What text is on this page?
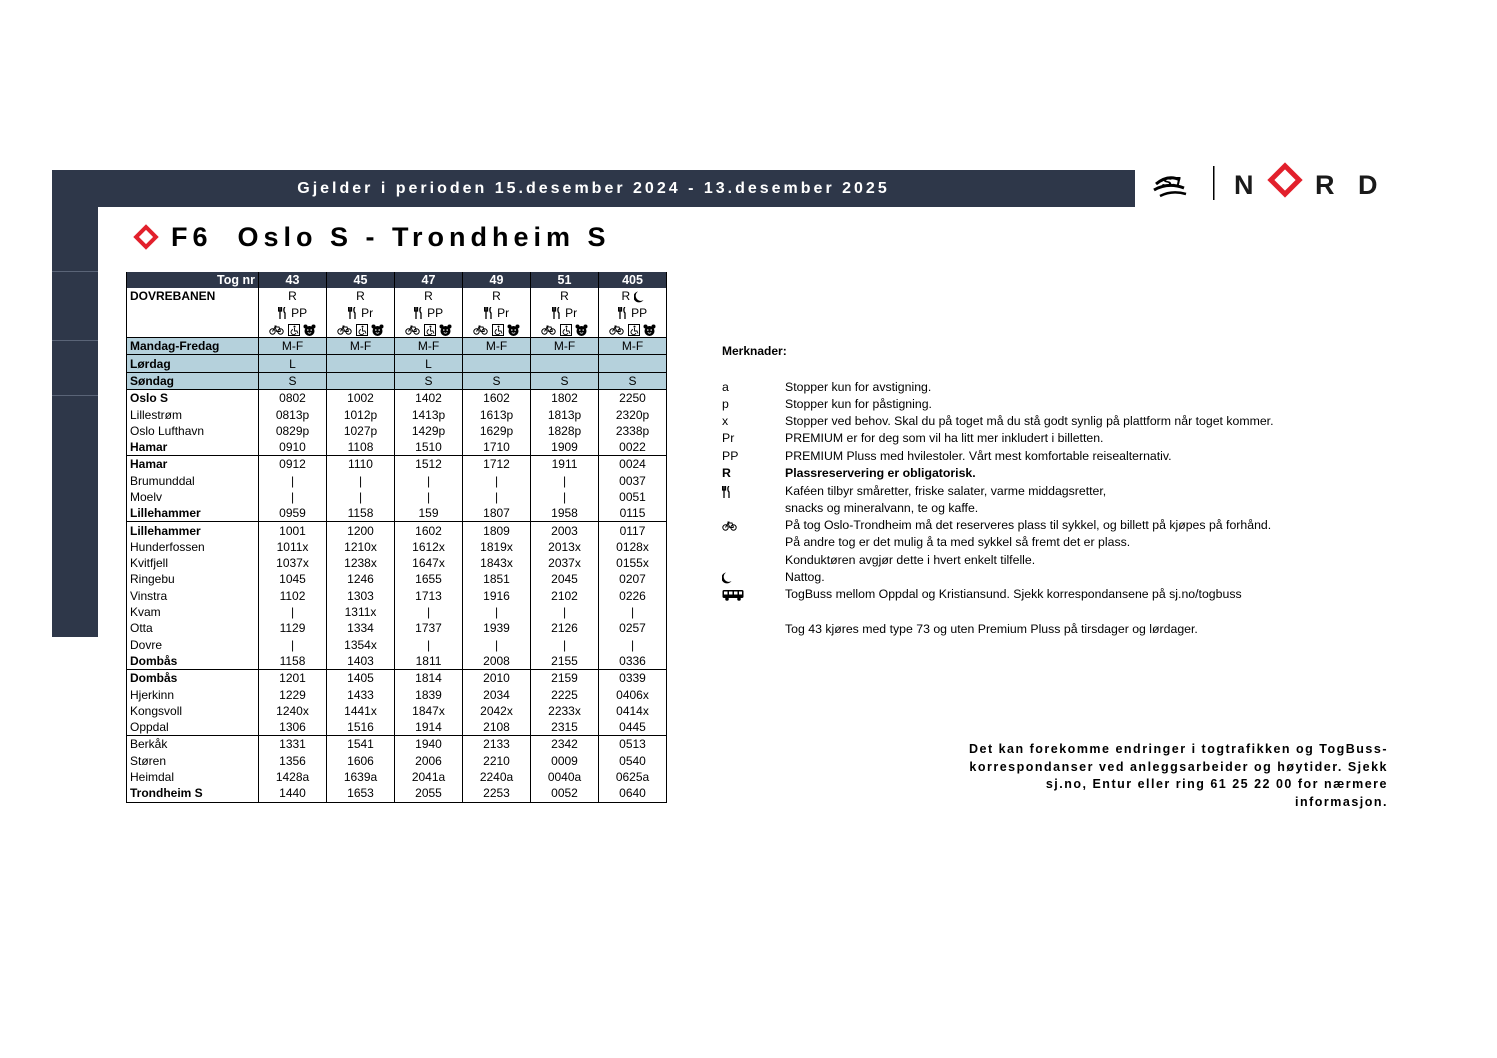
Gjelder i perioden 15.desember 2024 - 13.desember 2025	SJ N R D
F6  Oslo S - Trondheim S
Tog nr	43	45	47	49	51	405
DOVREBANEN	R	R	R	R	R	R
	PP	Pr	PP	Pr	Pr	PP

Mandag-Fredag	M-F	M-F	M-F	M-F	M-F	M-F
Lørdag	L		L			
Søndag	S		S	S	S	S
Oslo S	0802	1002	1402	1602	1802	2250
Lillestrøm	0813p	1012p	1413p	1613p	1813p	2320p
Oslo Lufthavn	0829p	1027p	1429p	1629p	1828p	2338p
Hamar	0910	1108	1510	1710	1909	0022
Hamar	0912	1110	1512	1712	1911	0024
Brumunddal	|	|	|	|	|	0037
Moelv	|	|	|	|	|	0051
Lillehammer	0959	1158	159	1807	1958	0115
Lillehammer	1001	1200	1602	1809	2003	0117
Hunderfossen	1011x	1210x	1612x	1819x	2013x	0128x
Kvitfjell	1037x	1238x	1647x	1843x	2037x	0155x
Ringebu	1045	1246	1655	1851	2045	0207
Vinstra	1102	1303	1713	1916	2102	0226
Kvam	|	1311x	|	|	|	|
Otta	1129	1334	1737	1939	2126	0257
Dovre	|	1354x	|	|	|	|
Dombås	1158	1403	1811	2008	2155	0336
Dombås	1201	1405	1814	2010	2159	0339
Hjerkinn	1229	1433	1839	2034	2225	0406x
Kongsvoll	1240x	1441x	1847x	2042x	2233x	0414x
Oppdal	1306	1516	1914	2108	2315	0445
Berkåk	1331	1541	1940	2133	2342	0513
Støren	1356	1606	2006	2210	0009	0540
Heimdal	1428a	1639a	2041a	2240a	0040a	0625a
Trondheim S	1440	1653	2055	2253	0052	0640
Merknader:
a	Stopper kun for avstigning.
p	Stopper kun for påstigning.
x	Stopper ved behov. Skal du på toget må du stå godt synlig på plattform når toget kommer.
Pr	PREMIUM er for deg som vil ha litt mer inkludert i billetten.
PP	PREMIUM Pluss med hvilestoler. Vårt mest komfortable reisealternativ.
R	Plassreservering er obligatorisk.
Kaféen tilbyr småretter, friske salater, varme middagsretter,
snacks og mineralvann, te og kaffe.
På tog Oslo-Trondheim må det reserveres plass til sykkel, og billett på kjøpes på forhånd.
På andre tog er det mulig å ta med sykkel så fremt det er plass.
Konduktøren avgjør dette i hvert enkelt tilfelle.
Nattog.
TogBuss mellom Oppdal og Kristiansund. Sjekk korrespondansene på sj.no/togbuss
Tog 43 kjøres med type 73 og uten Premium Pluss på tirsdager og lørdager.
Det kan forekomme endringer i togtrafikken og TogBuss-
korrespondanser ved anleggsarbeider og høytider. Sjekk
sj.no, Entur eller ring 61 25 22 00 for nærmere
informasjon.
